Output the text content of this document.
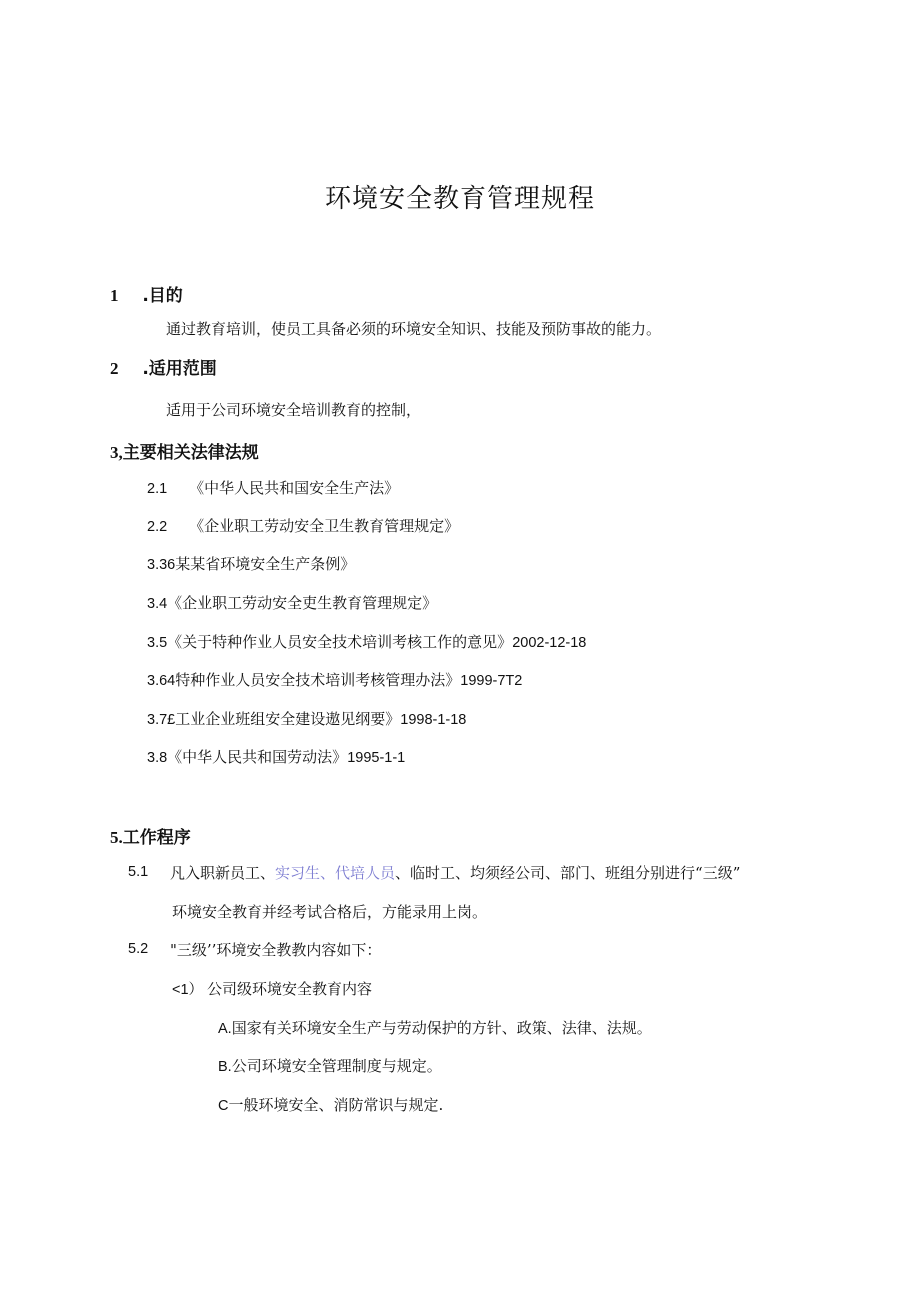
环境安全教育管理规程
1 .目的
通过教育培训，使员工具备必须的环境安全知识、技能及预防事故的能力。
2 .适用范围
适用于公司环境安全培训教育的控制，
3,主要相关法律法规
2.1 《中华人民共和国安全生产法》
2.2 《企业职工劳动安全卫生教育管理规定》
3.36某某省环境安全生产条例》
3.4《企业职工劳动安全吏生教育管理规定》
3.5《关于特种作业人员安全技术培训考核工作的意见》2002-12-18
3.64特种作业人员安全技术培训考核管理办法》1999-7T2
3.7£工业企业班组安全建设遨见纲要》1998-1-18
3.8《中华人民共和国劳动法》1995-1-1
5.工作程序
5.1 凡入职新员工、实习生、代培人员、临时工、均须经公司、部门、班组分别进行“三级”
环境安全教育并经考试合格后，方能录用上岗。
5.2 "三级’’环境安全教教内容如下：
<1） 公司级环境安全教育内容
A.国家有关环境安全生产与劳动保护的方针、政策、法律、法规。
B.公司环境安全管理制度与规定。
C一般环境安全、消防常识与规定.
